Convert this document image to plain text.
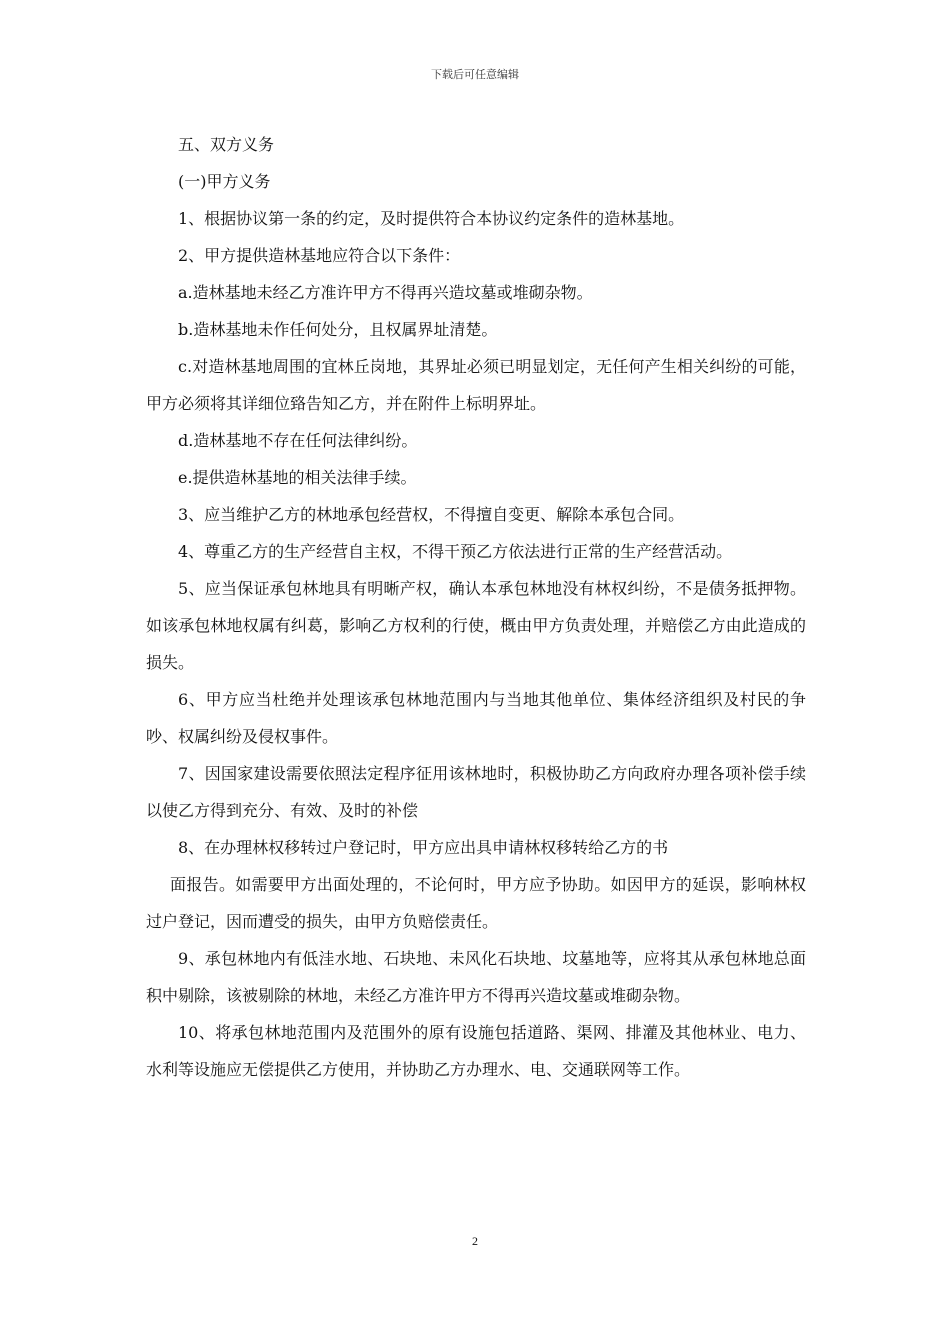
下载后可任意编辑

五、双方义务

(一)甲方义务

1、根据协议第一条的约定，及时提供符合本协议约定条件的造林基地。

2、甲方提供造林基地应符合以下条件：

a.造林基地未经乙方准许甲方不得再兴造坟墓或堆砌杂物。

b.造林基地未作任何处分，且权属界址清楚。

c.对造林基地周围的宜林丘岗地，其界址必须已明显划定，无任何产生相关纠纷的可能，甲方必须将其详细位臵告知乙方，并在附件上标明界址。

d.造林基地不存在任何法律纠纷。

e.提供造林基地的相关法律手续。

3、应当维护乙方的林地承包经营权，不得擅自变更、解除本承包合同。

4、尊重乙方的生产经营自主权，不得干预乙方依法进行正常的生产经营活动。

5、应当保证承包林地具有明晰产权，确认本承包林地没有林权纠纷，不是债务抵押物。如该承包林地权属有纠葛，影响乙方权利的行使，概由甲方负责处理，并赔偿乙方由此造成的损失。

6、甲方应当杜绝并处理该承包林地范围内与当地其他单位、集体经济组织及村民的争吵、权属纠纷及侵权事件。

7、因国家建设需要依照法定程序征用该林地时，积极协助乙方向政府办理各项补偿手续以使乙方得到充分、有效、及时的补偿

8、在办理林权移转过户登记时，甲方应出具申请林权移转给乙方的书

面报告。如需要甲方出面处理的，不论何时，甲方应予协助。如因甲方的延误，影响林权过户登记，因而遭受的损失，由甲方负赔偿责任。

9、承包林地内有低洼水地、石块地、未风化石块地、坟墓地等，应将其从承包林地总面积中剔除，该被剔除的林地，未经乙方准许甲方不得再兴造坟墓或堆砌杂物。

10、将承包林地范围内及范围外的原有设施包括道路、渠网、排灌及其他林业、电力、水利等设施应无偿提供乙方使用，并协助乙方办理水、电、交通联网等工作。

2
